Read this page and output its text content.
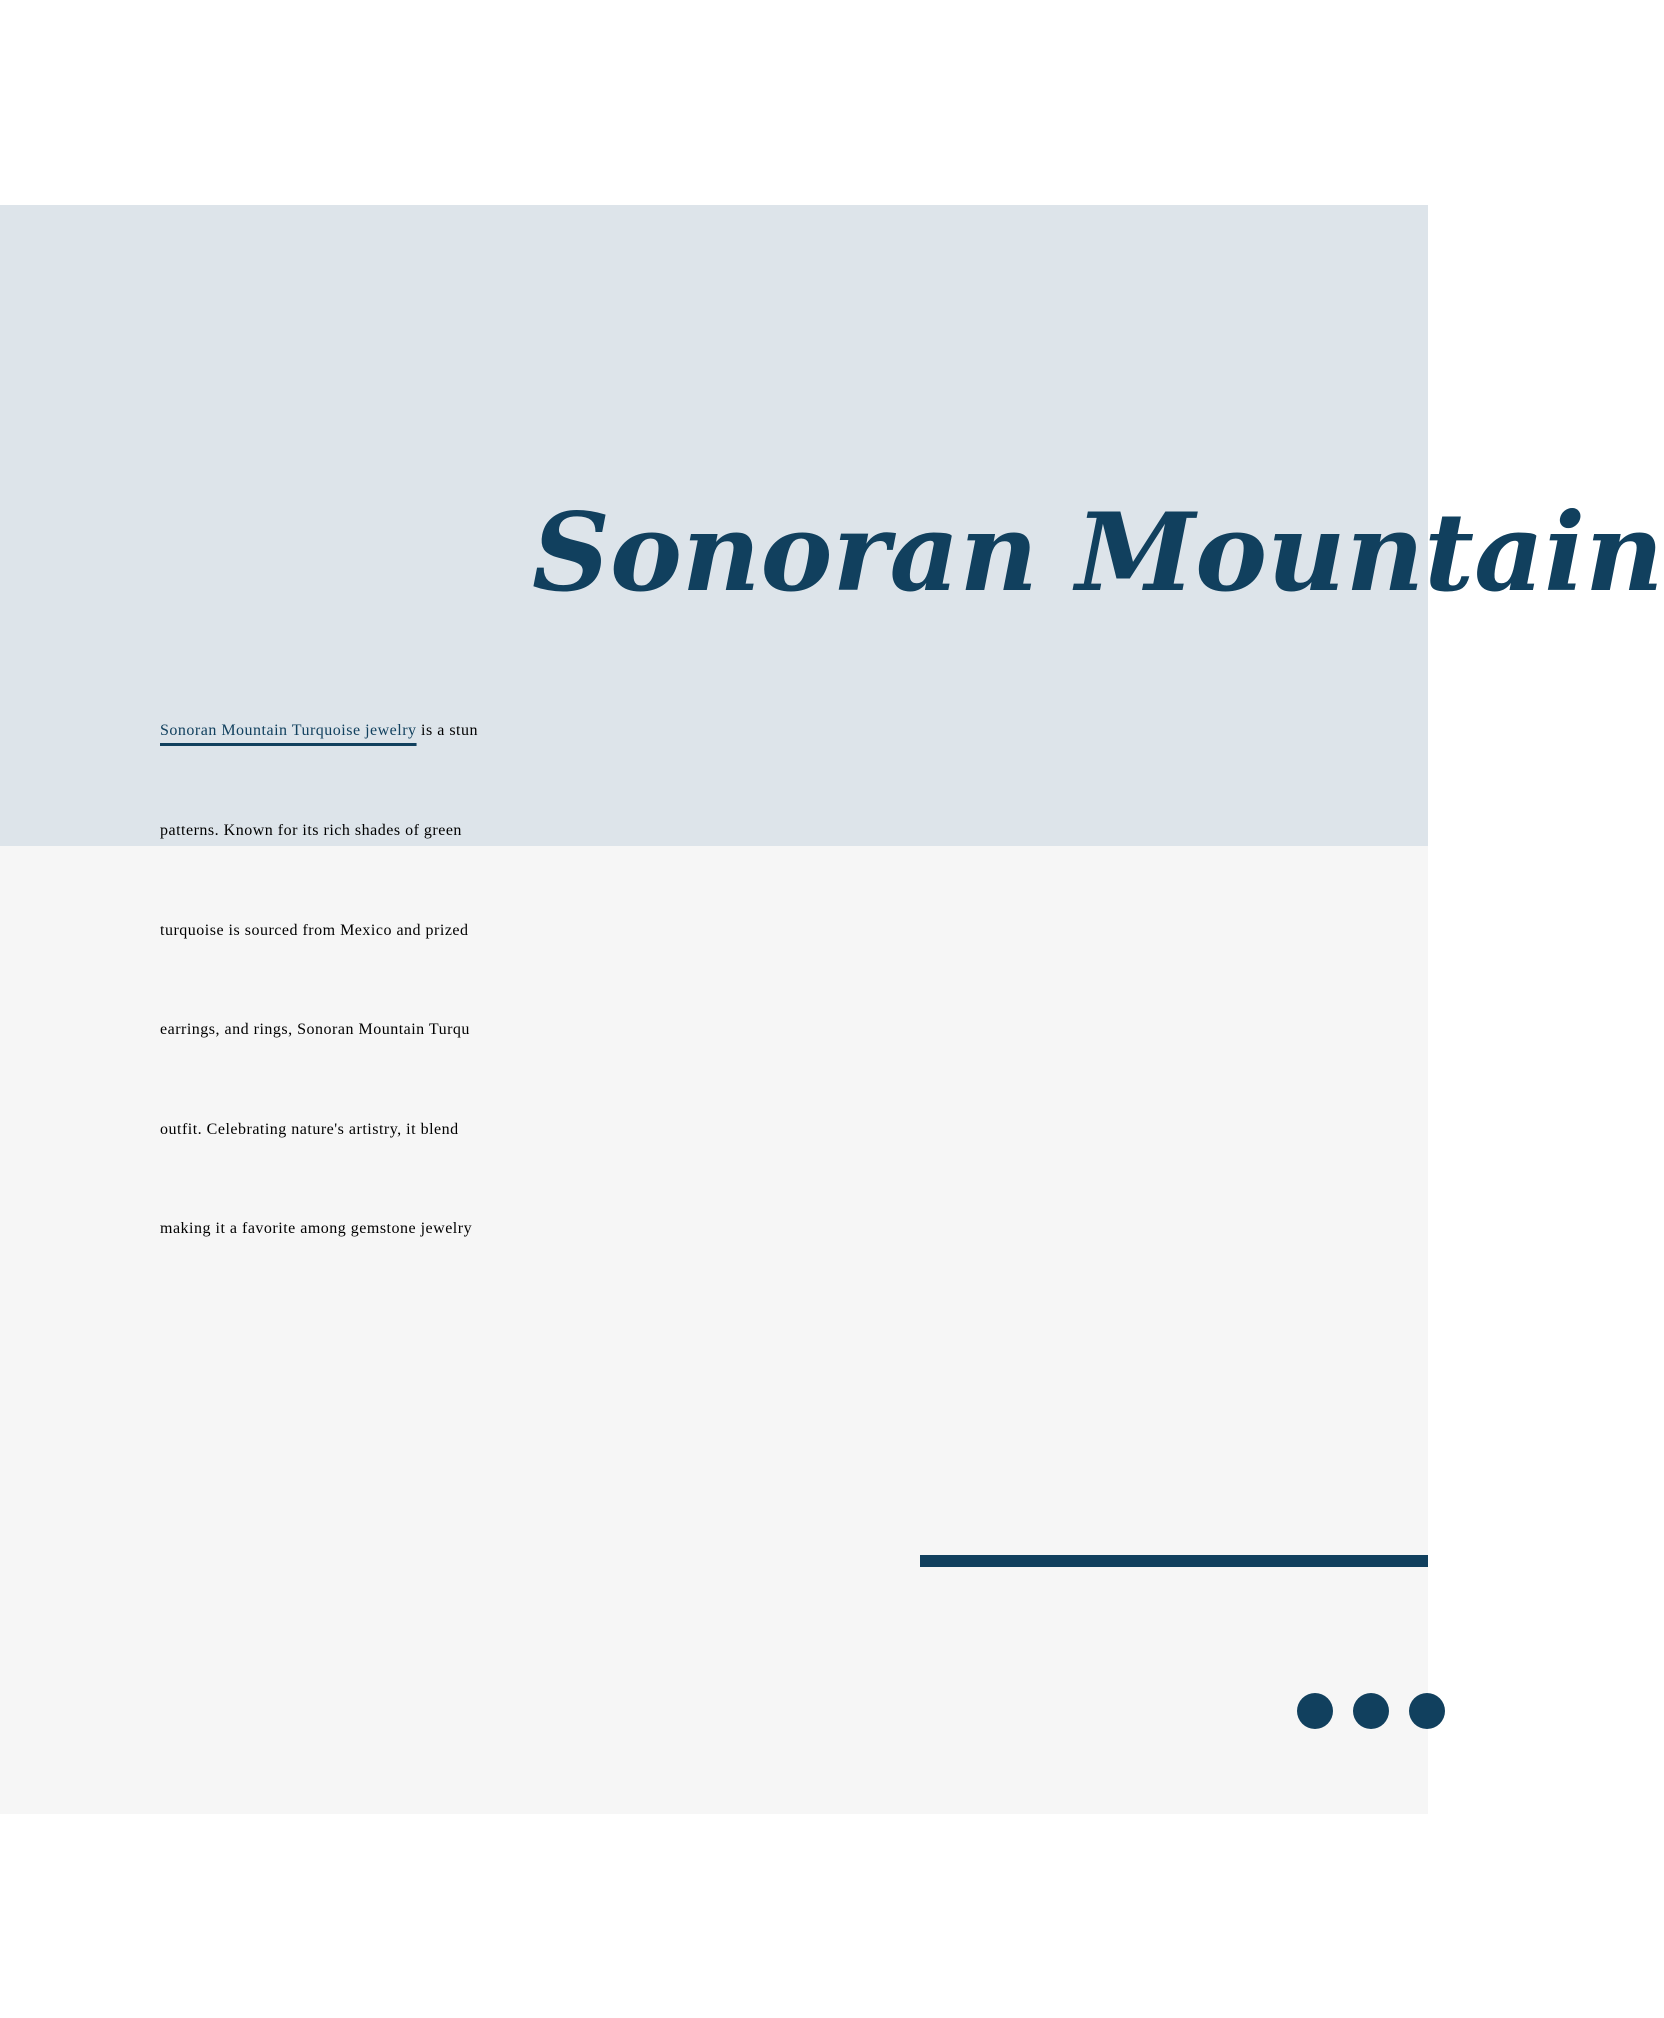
Sonoran Mountain
Sonoran Mountain Turquoise jewelry is a stun
patterns. Known for its rich shades of green
turquoise is sourced from Mexico and prized
earrings, and rings, Sonoran Mountain Turqu
outfit. Celebrating nature's artistry, it blend
making it a favorite among gemstone jewelry
